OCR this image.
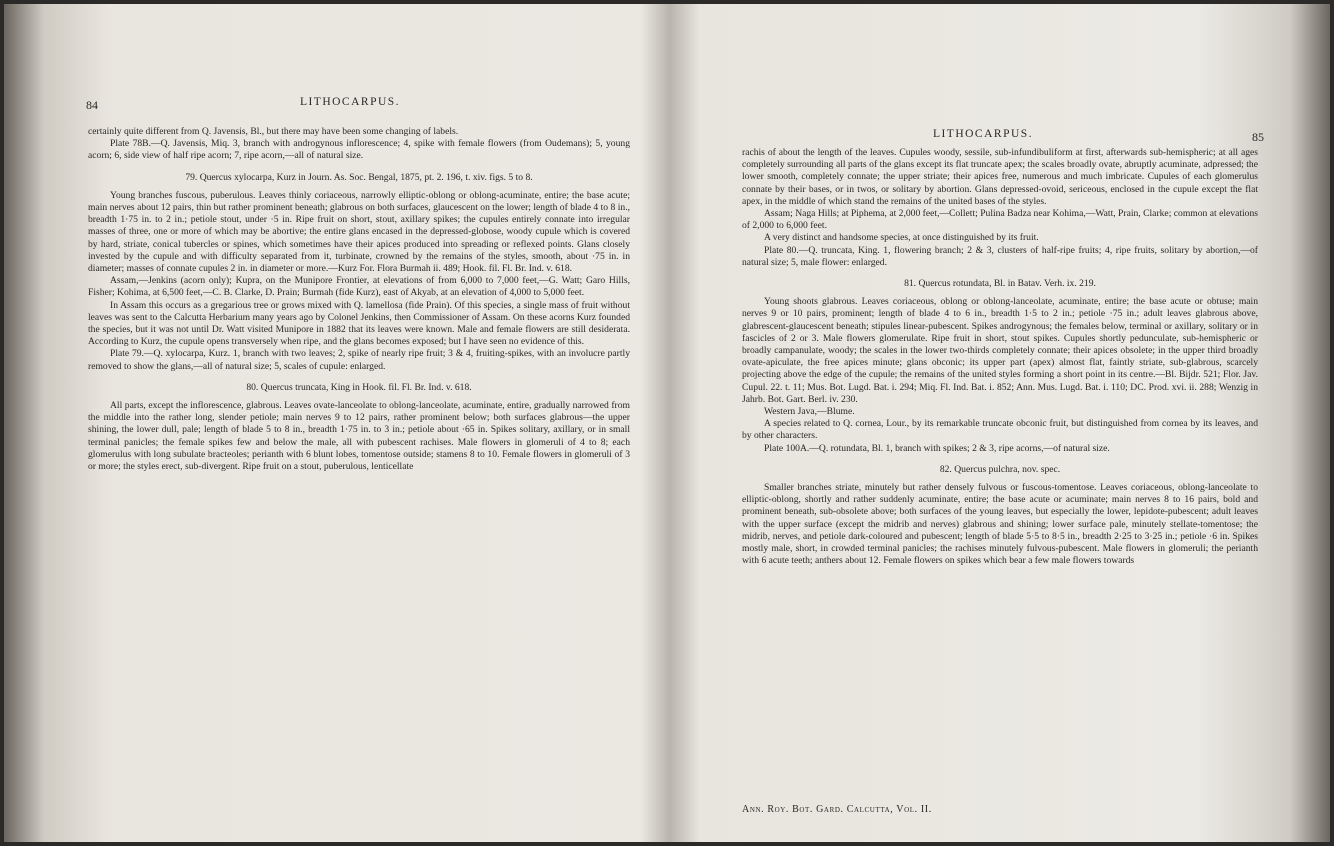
84	LITHOCARPUS.

certainly quite different from Q. Javensis, Bl., but there may have been some changing of labels.

Plate 78B.—Q. Javensis, Miq. 3, branch with androgynous inflorescence; 4, spike with female flowers (from Oudemans); 5, young acorn; 6, side view of half ripe acorn; 7, ripe acorn,—all of natural size.

79. Quercus xylocarpa, Kurz in Journ. As. Soc. Bengal, 1875, pt. 2. 196, t. xiv. figs. 5 to 8.

Young branches fuscous, puberulous. Leaves thinly coriaceous, narrowly elliptic-oblong or oblong-acuminate, entire; the base acute; main nerves about 12 pairs, thin but rather prominent beneath; glabrous on both surfaces, glaucescent on the lower; length of blade 4 to 8 in., breadth 1·75 in. to 2 in.; petiole stout, under ·5 in. Ripe fruit on short, stout, axillary spikes; the cupules entirely connate into irregular masses of three, one or more of which may be abortive; the entire glans encased in the depressed-globose, woody cupule which is covered by hard, striate, conical tubercles or spines, which sometimes have their apices produced into spreading or reflexed points. Glans closely invested by the cupule and with difficulty separated from it, turbinate, crowned by the remains of the styles, smooth, about ·75 in. in diameter; masses of connate cupules 2 in. in diameter or more.—Kurz For. Flora Burmah ii. 489; Hook. fil. Fl. Br. Ind. v. 618.

Assam,—Jenkins (acorn only); Kupra, on the Munipore Frontier, at elevations of from 6,000 to 7,000 feet,—G. Watt; Garo Hills, Fisher; Kohima, at 6,500 feet,—C. B. Clarke, D. Prain; Burmah (fide Kurz), east of Akyab, at an elevation of 4,000 to 5,000 feet.

In Assam this occurs as a gregarious tree or grows mixed with Q. lamellosa (fide Prain). Of this species, a single mass of fruit without leaves was sent to the Calcutta Herbarium many years ago by Colonel Jenkins, then Commissioner of Assam. On these acorns Kurz founded the species, but it was not until Dr. Watt visited Munipore in 1882 that its leaves were known. Male and female flowers are still desiderata. According to Kurz, the cupule opens transversely when ripe, and the glans becomes exposed; but I have seen no evidence of this.

Plate 79.—Q. xylocarpa, Kurz. 1, branch with two leaves; 2, spike of nearly ripe fruit; 3 & 4, fruiting-spikes, with an involucre partly removed to show the glans,—all of natural size; 5, scales of cupule: enlarged.

80. Quercus truncata, King in Hook. fil. Fl. Br. Ind. v. 618.

All parts, except the inflorescence, glabrous. Leaves ovate-lanceolate to oblong-lanceolate, acuminate, entire, gradually narrowed from the middle into the rather long, slender petiole; main nerves 9 to 12 pairs, rather prominent below; both surfaces glabrous—the upper shining, the lower dull, pale; length of blade 5 to 8 in., breadth 1·75 in. to 3 in.; petiole about ·65 in. Spikes solitary, axillary, or in small terminal panicles; the female spikes few and below the male, all with pubescent rachises. Male flowers in glomeruli of 4 to 8; each glomerulus with long subulate bracteoles; perianth with 6 blunt lobes, tomentose outside; stamens 8 to 10. Female flowers in glomeruli of 3 or more; the styles erect, sub-divergent. Ripe fruit on a stout, puberulous, lenticellate

LITHOCARPUS.	85

rachis of about the length of the leaves. Cupules woody, sessile, sub-infundibuliform at first, afterwards sub-hemispheric; at all ages completely surrounding all parts of the glans except its flat truncate apex; the scales broadly ovate, abruptly acuminate, adpressed; the lower smooth, completely connate; the upper striate; their apices free, numerous and much imbricate. Cupules of each glomerulus connate by their bases, or in twos, or solitary by abortion. Glans depressed-ovoid, sericeous, enclosed in the cupule except the flat apex, in the middle of which stand the remains of the united bases of the styles.

Assam; Naga Hills; at Piphema, at 2,000 feet,—Collett; Pulina Badza near Kohima,—Watt, Prain, Clarke; common at elevations of 2,000 to 6,000 feet.

A very distinct and handsome species, at once distinguished by its fruit.

Plate 80.—Q. truncata, King. 1, flowering branch; 2 & 3, clusters of half-ripe fruits; 4, ripe fruits, solitary by abortion,—of natural size; 5, male flower: enlarged.

81. Quercus rotundata, Bl. in Batav. Verh. ix. 219.

Young shoots glabrous. Leaves coriaceous, oblong or oblong-lanceolate, acuminate, entire; the base acute or obtuse; main nerves 9 or 10 pairs, prominent; length of blade 4 to 6 in., breadth 1·5 to 2 in.; petiole ·75 in.; adult leaves glabrous above, glabrescent-glaucescent beneath; stipules linear-pubescent. Spikes androgynous; the females below, terminal or axillary, solitary or in fascicles of 2 or 3. Male flowers glomerulate. Ripe fruit in short, stout spikes. Cupules shortly pedunculate, sub-hemispheric or broadly campanulate, woody; the scales in the lower two-thirds completely connate; their apices obsolete; in the upper third broadly ovate-apiculate, the free apices minute; glans obconic; its upper part (apex) almost flat, faintly striate, sub-glabrous, scarcely projecting above the edge of the cupule; the remains of the united styles forming a short point in its centre.—Bl. Bijdr. 521; Flor. Jav. Cupul. 22. t. 11; Mus. Bot. Lugd. Bat. i. 294; Miq. Fl. Ind. Bat. i. 852; Ann. Mus. Lugd. Bat. i. 110; DC. Prod. xvi. ii. 288; Wenzig in Jahrb. Bot. Gart. Berl. iv. 230.

Western Java,—Blume.

A species related to Q. cornea, Lour., by its remarkable truncate obconic fruit, but distinguished from cornea by its leaves, and by other characters.

Plate 100A.—Q. rotundata, Bl. 1, branch with spikes; 2 & 3, ripe acorns,—of natural size.

82. Quercus pulchra, nov. spec.

Smaller branches striate, minutely but rather densely fulvous or fuscous-tomentose. Leaves coriaceous, oblong-lanceolate to elliptic-oblong, shortly and rather suddenly acuminate, entire; the base acute or acuminate; main nerves 8 to 16 pairs, bold and prominent beneath, sub-obsolete above; both surfaces of the young leaves, but especially the lower, lepidote-pubescent; adult leaves with the upper surface (except the midrib and nerves) glabrous and shining; lower surface pale, minutely stellate-tomentose; the midrib, nerves, and petiole dark-coloured and pubescent; length of blade 5·5 to 8·5 in., breadth 2·25 to 3·25 in.; petiole ·6 in. Spikes mostly male, short, in crowded terminal panicles; the rachises minutely fulvous-pubescent. Male flowers in glomeruli; the perianth with 6 acute teeth; anthers about 12. Female flowers on spikes which bear a few male flowers towards

Ann. Roy. Bot. Gard. Calcutta, Vol. II.
